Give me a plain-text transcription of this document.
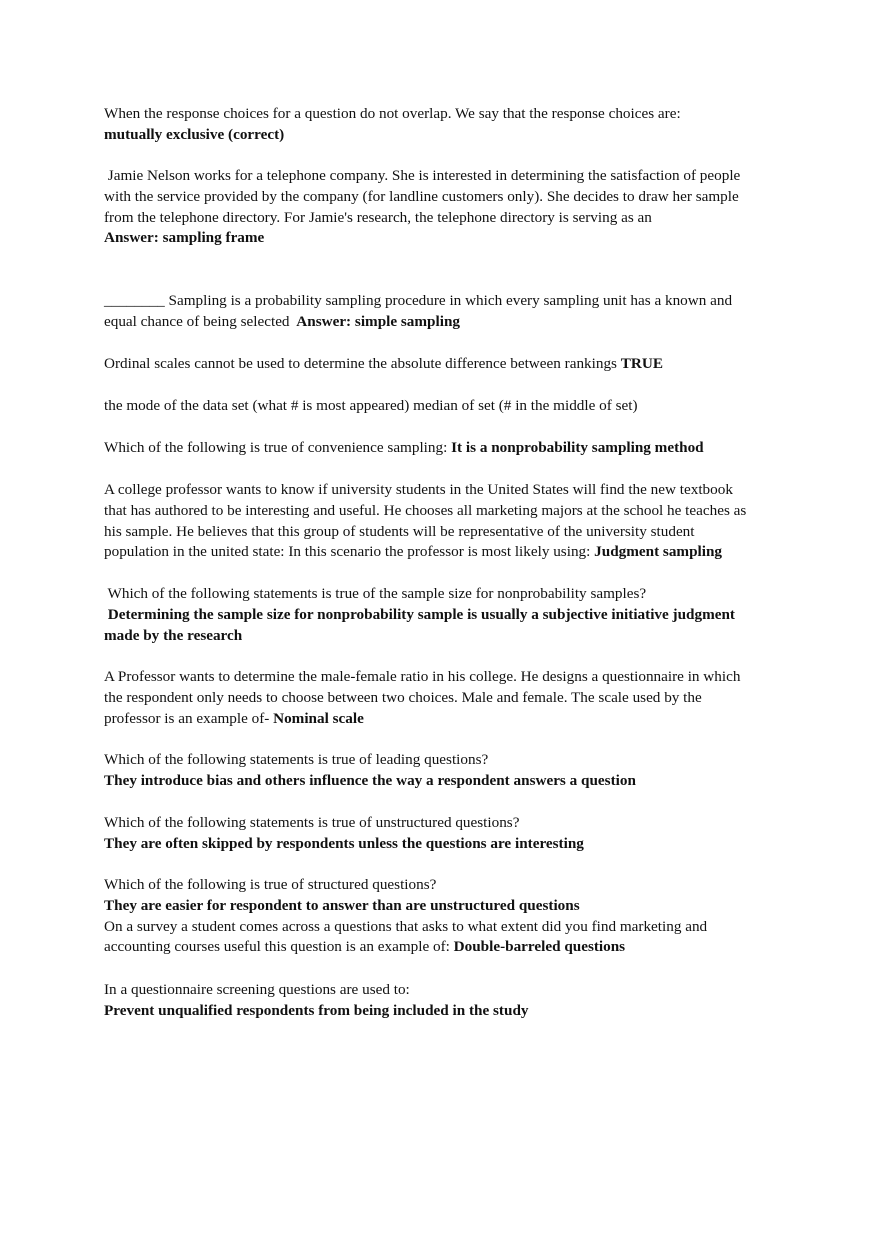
When the response choices for a question do not overlap. We say that the response choices are:
mutually exclusive (correct)
Jamie Nelson works for a telephone company. She is interested in determining the satisfaction of people
with the service provided by the company (for landline customers only). She decides to draw her sample
from the telephone directory. For Jamie's research, the telephone directory is serving as an
Answer: sampling frame
________ Sampling is a probability sampling procedure in which every sampling unit has a known and
equal chance of being selected  Answer: simple sampling
Ordinal scales cannot be used to determine the absolute difference between rankings TRUE
the mode of the data set (what # is most appeared) median of set (# in the middle of set)
Which of the following is true of convenience sampling: It is a nonprobability sampling method
A college professor wants to know if university students in the United States will find the new textbook
that has authored to be interesting and useful. He chooses all marketing majors at the school he teaches as
his sample. He believes that this group of students will be representative of the university student
population in the united state: In this scenario the professor is most likely using: Judgment sampling
Which of the following statements is true of the sample size for nonprobability samples?
Determining the sample size for nonprobability sample is usually a subjective initiative judgment
made by the research
A Professor wants to determine the male-female ratio in his college. He designs a questionnaire in which
the respondent only needs to choose between two choices. Male and female. The scale used by the
professor is an example of- Nominal scale
Which of the following statements is true of leading questions?
They introduce bias and others influence the way a respondent answers a question
Which of the following statements is true of unstructured questions?
They are often skipped by respondents unless the questions are interesting
Which of the following is true of structured questions?
They are easier for respondent to answer than are unstructured questions
On a survey a student comes across a questions that asks to what extent did you find marketing and
accounting courses useful this question is an example of: Double-barreled questions
In a questionnaire screening questions are used to:
Prevent unqualified respondents from being included in the study
